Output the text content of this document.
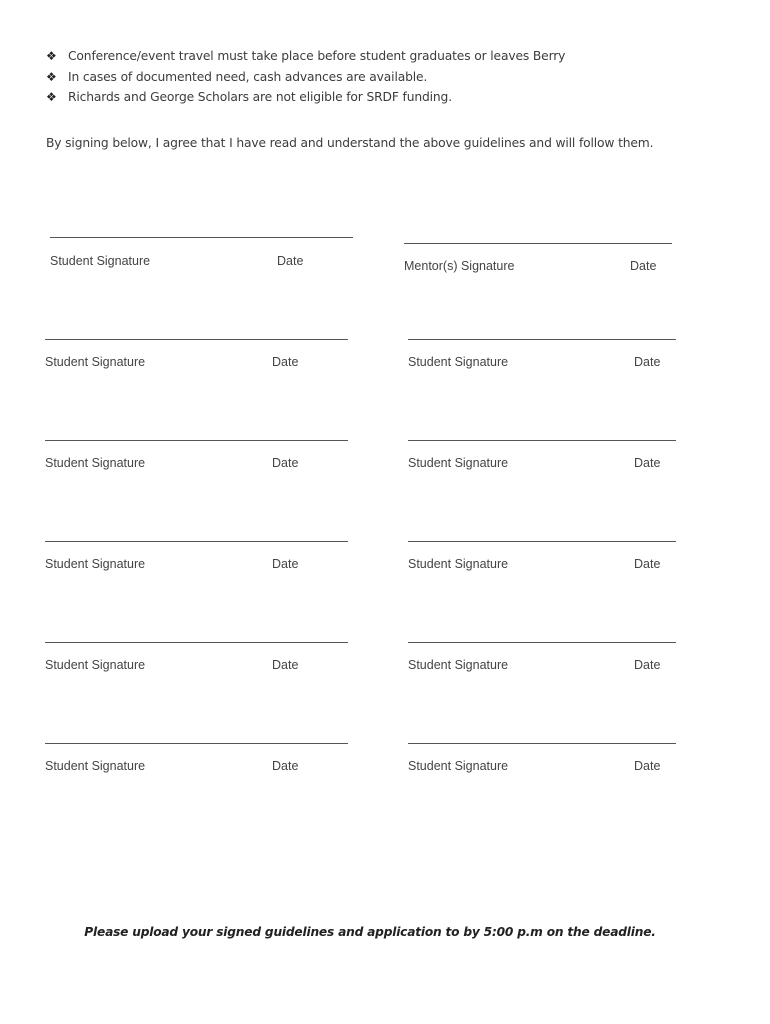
❖ Conference/event travel must take place before student graduates or leaves Berry
❖ In cases of documented need, cash advances are available.
❖ Richards and George Scholars are not eligible for SRDF funding.
By signing below, I agree that I have read and understand the above guidelines and will follow them.
Student Signature	Date
Student Signature	Date
Student Signature	Date
Student Signature	Date
Student Signature	Date
Student Signature	Date
Mentor(s) Signature	Date
Student Signature	Date
Student Signature	Date
Student Signature	Date
Student Signature	Date
Student Signature	Date
Please upload your signed guidelines and application to by 5:00 p.m on the deadline.
